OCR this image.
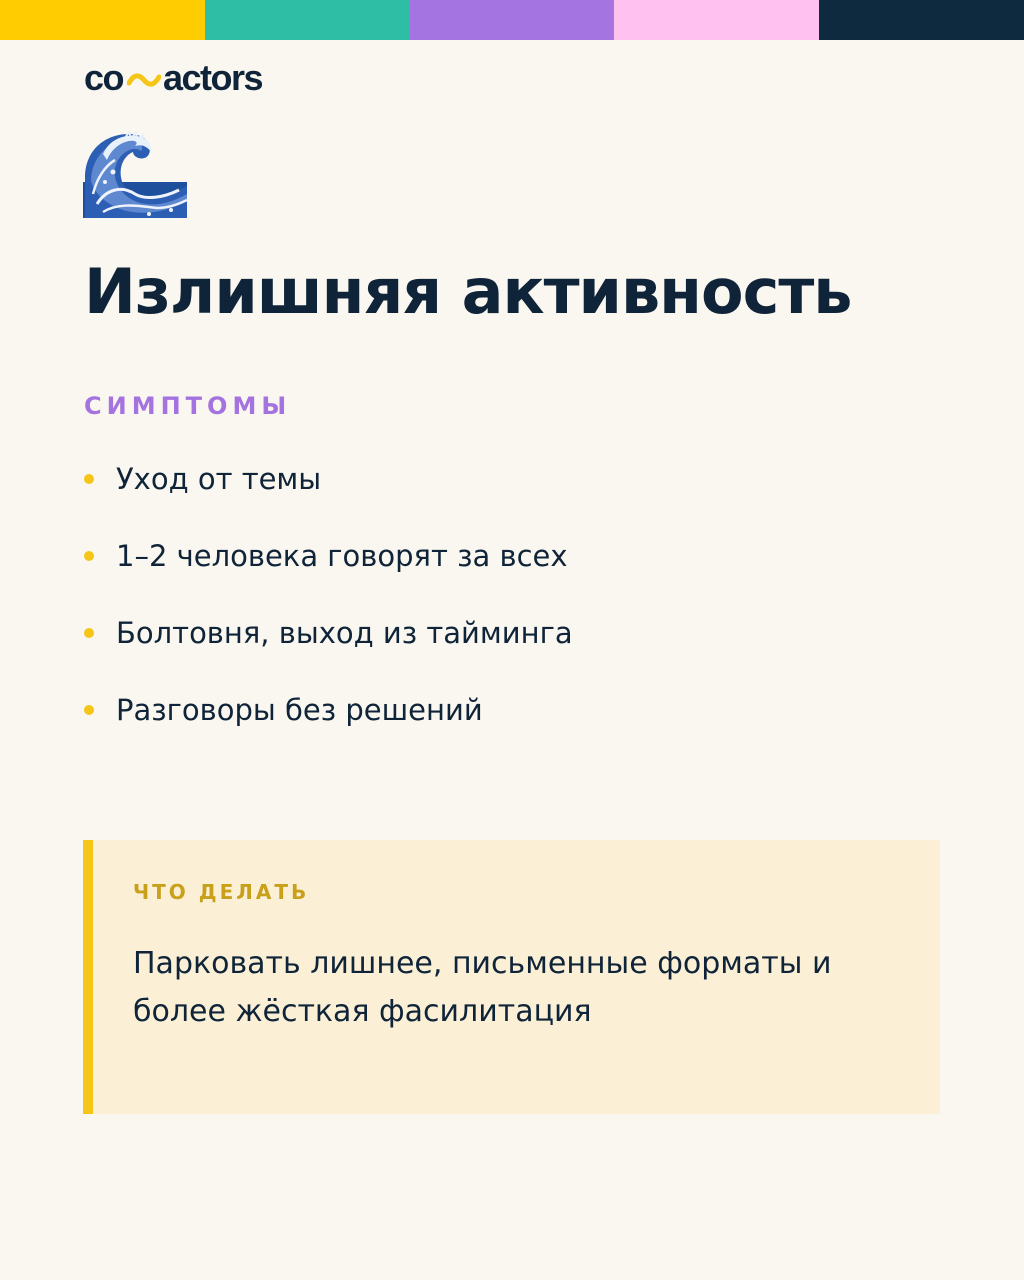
co actors
Излишняя активность
СИМПТОМЫ
Уход от темы
1–2 человека говорят за всех
Болтовня, выход из тайминга
Разговоры без решений
ЧТО ДЕЛАТЬ
Парковать лишнее, письменные форматы и более жёсткая фасилитация
